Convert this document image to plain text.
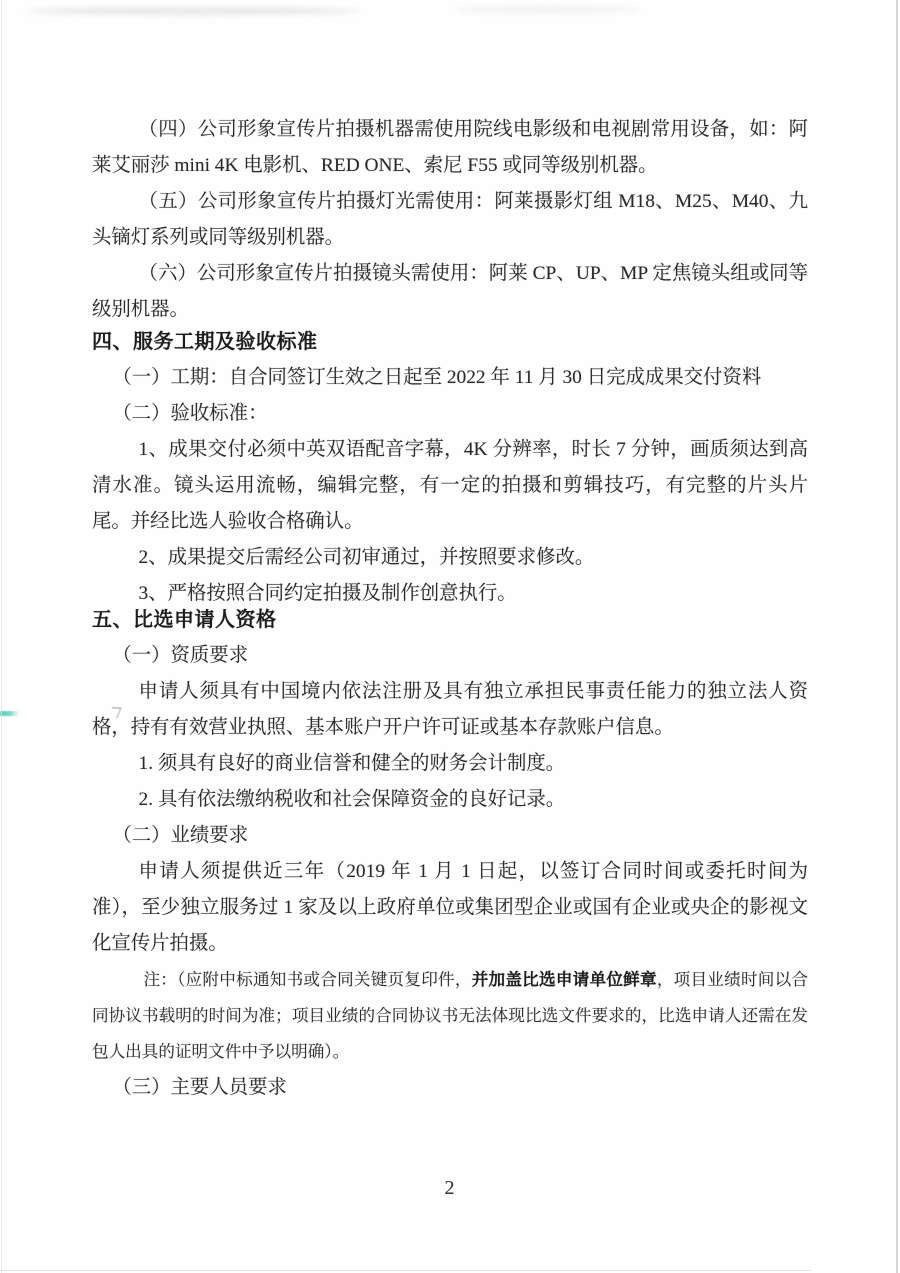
（四）公司形象宣传片拍摄机器需使用院线电影级和电视剧常用设备，如：阿莱艾丽莎 mini 4K 电影机、RED ONE、索尼 F55 或同等级别机器。

（五）公司形象宣传片拍摄灯光需使用：阿莱摄影灯组 M18、M25、M40、九头镝灯系列或同等级别机器。

（六）公司形象宣传片拍摄镜头需使用：阿莱 CP、UP、MP 定焦镜头组或同等级别机器。

四、服务工期及验收标准

（一）工期：自合同签订生效之日起至 2022 年 11 月 30 日完成成果交付资料

（二）验收标准：

1、成果交付必须中英双语配音字幕，4K 分辨率，时长 7 分钟，画质须达到高清水准。镜头运用流畅，编辑完整，有一定的拍摄和剪辑技巧，有完整的片头片尾。并经比选人验收合格确认。

2、成果提交后需经公司初审通过，并按照要求修改。

3、严格按照合同约定拍摄及制作创意执行。

五、比选申请人资格

（一）资质要求

申请人须具有中国境内依法注册及具有独立承担民事责任能力的独立法人资格，持有有效营业执照、基本账户开户许可证或基本存款账户信息。

1. 须具有良好的商业信誉和健全的财务会计制度。

2. 具有依法缴纳税收和社会保障资金的良好记录。

（二）业绩要求

申请人须提供近三年（2019 年 1 月 1 日起，以签订合同时间或委托时间为准），至少独立服务过 1 家及以上政府单位或集团型企业或国有企业或央企的影视文化宣传片拍摄。

注：（应附中标通知书或合同关键页复印件，并加盖比选申请单位鲜章，项目业绩时间以合同协议书载明的时间为准；项目业绩的合同协议书无法体现比选文件要求的，比选申请人还需在发包人出具的证明文件中予以明确）。

（三）主要人员要求

2
